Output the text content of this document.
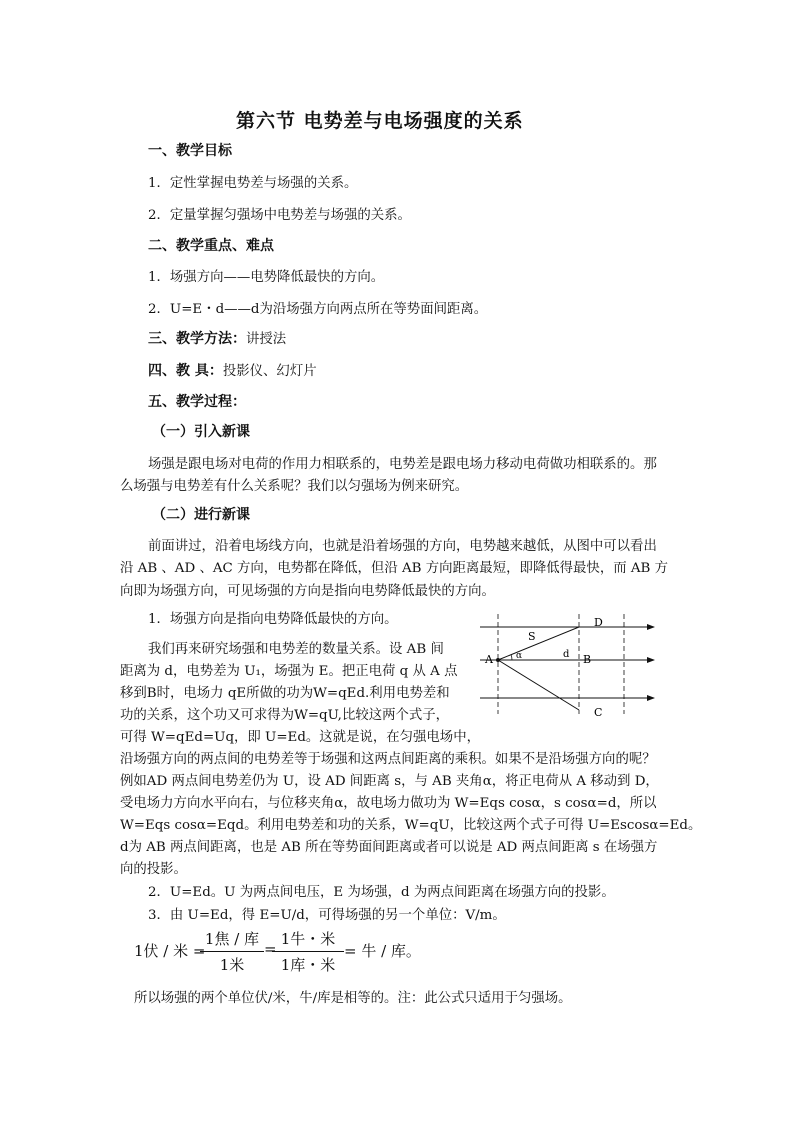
第六节 电势差与电场强度的关系
一、教学目标
1．定性掌握电势差与场强的关系。
2．定量掌握匀强场中电势差与场强的关系。
二、教学重点、难点
1．场强方向——电势降低最快的方向。
2．U=E・d——d为沿场强方向两点所在等势面间距离。
三、教学方法：讲授法
四、教 具：投影仪、幻灯片
五、教学过程：
（一）引入新课
场强是跟电场对电荷的作用力相联系的，电势差是跟电场力移动电荷做功相联系的。那
么场强与电势差有什么关系呢？我们以匀强场为例来研究。
（二）进行新课
前面讲过，沿着电场线方向，也就是沿着场强的方向，电势越来越低，从图中可以看出
沿 AB 、AD 、AC 方向，电势都在降低，但沿 AB 方向距离最短，即降低得最快，而 AB 方
向即为场强方向，可见场强的方向是指向电势降低最快的方向。
1．场强方向是指向电势降低最快的方向。
我们再来研究场强和电势差的数量关系。设 AB 间
距离为 d，电势差为 U₁，场强为 E。把正电荷 q 从 A 点
移到B时，电场力 qE所做的功为W=qEd.利用电势差和
功的关系，这个功又可求得为W=qU,比较这两个式子，
可得 W=qEd=Uq，即 U=Ed。这就是说，在匀强电场中，
沿场强方向的两点间的电势差等于场强和这两点间距离的乘积。如果不是沿场强方向的呢？
例如AD 两点间电势差仍为 U，设 AD 间距离 s，与 AB 夹角α，将正电荷从 A 移动到 D，
受电场力方向水平向右，与位移夹角α，故电场力做功为 W=Eqs cosα，s cosα=d，所以
W=Eqs cosα=Eqd。利用电势差和功的关系，W=qU，比较这两个式子可得 U=Escosα=Ed。
d为 AB 两点间距离，也是 AB 所在等势面间距离或者可以说是 AD 两点间距离 s 在场强方
向的投影。
2．U=Ed。U 为两点间电压，E 为场强，d 为两点间距离在场强方向的投影。
3．由 U=Ed，得 E=U/d，可得场强的另一个单位：V/m。
1伏 / 米 =
1焦 / 库
1米
=
1牛・米
1库・米
= 牛 / 库。
所以场强的两个单位伏/米，牛/库是相等的。注：此公式只适用于匀强场。
A	B
C
D
S
d
α
